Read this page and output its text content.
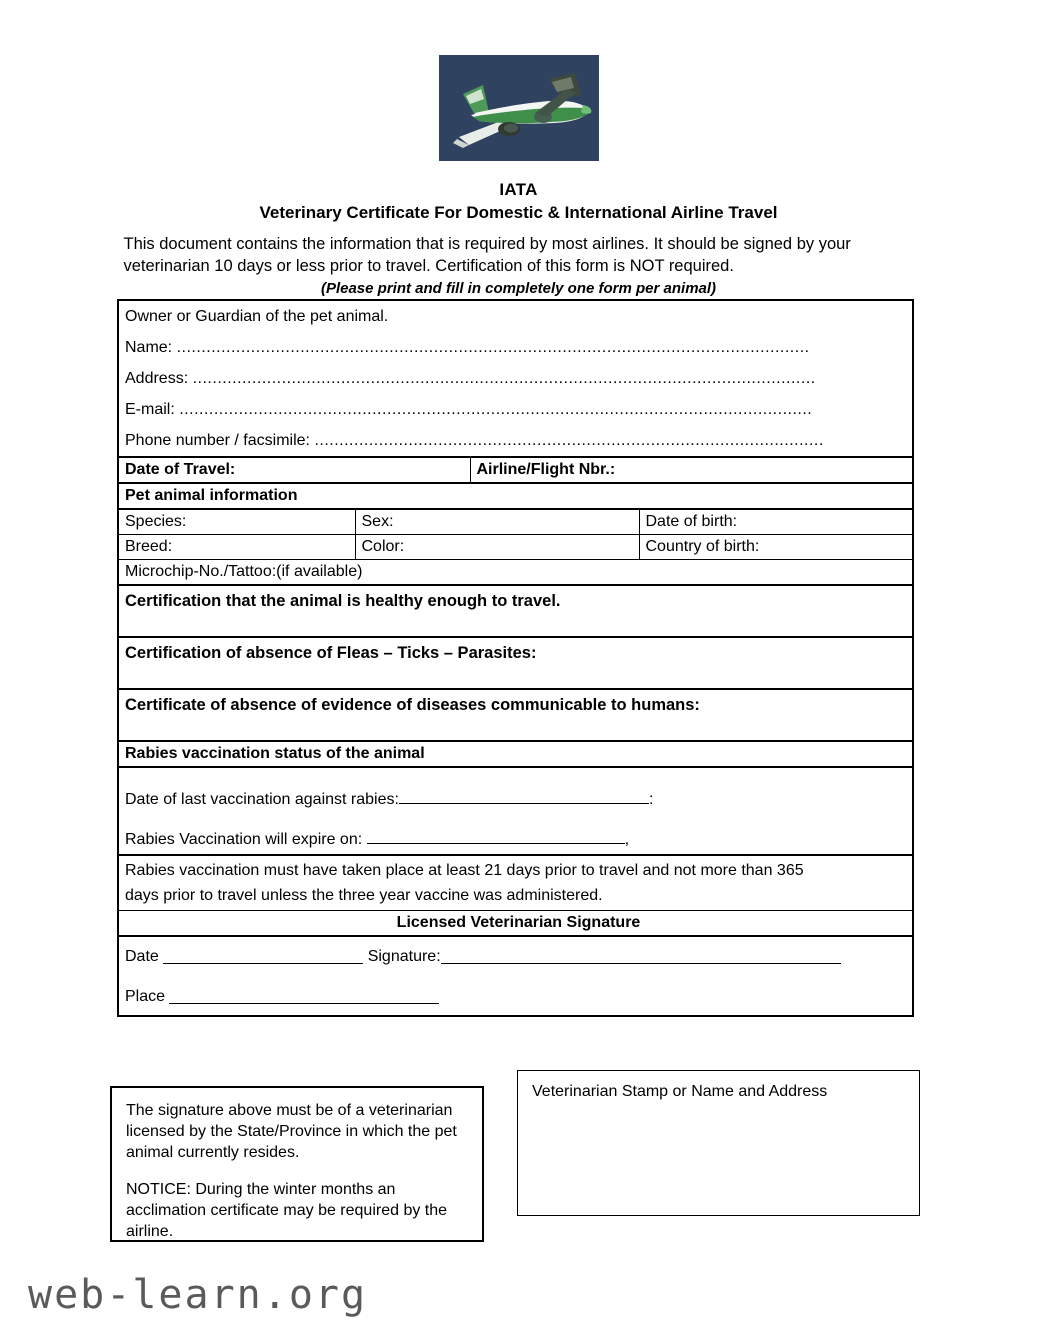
IATA
Veterinary Certificate For Domestic & International Airline Travel
This document contains the information that is required by most airlines. It should be signed by your
veterinarian 10 days or less prior to travel. Certification of this form is NOT required.
(Please print and fill in completely one form per animal)
Owner or Guardian of the pet animal.			

Name: ................................................................................................................................			

Address: ..............................................................................................................................			

E-mail: ................................................................................................................................			

Phone number / facsimile: .......................................................................................................			

Date of Travel:		Airline/Flight Nbr.:	

Pet animal information			

Species:	Sex:		Date of birth:

Breed:	Color:		Country of birth:

Microchip-No./Tattoo:(if available)			

Certification that the animal is healthy enough to travel.			

Certification of absence of Fleas – Ticks – Parasites:			

Certificate of absence of evidence of diseases communicable to humans:			

Rabies vaccination status of the animal			

Date of last vaccination against rabies: :
Rabies Vaccination will expire on: ,			

Rabies vaccination must have taken place at least 21 days prior to travel and not more than 365
days prior to travel unless the three year vaccine was administered.			

Licensed Veterinarian Signature			

Date Signature:
Place			

The signature above must be of a veterinarian licensed by the State/Province in which the pet animal currently resides.

NOTICE: During the winter months an acclimation certificate may be required by the airline.

Veterinarian Stamp or Name and Address
web-learn.org
